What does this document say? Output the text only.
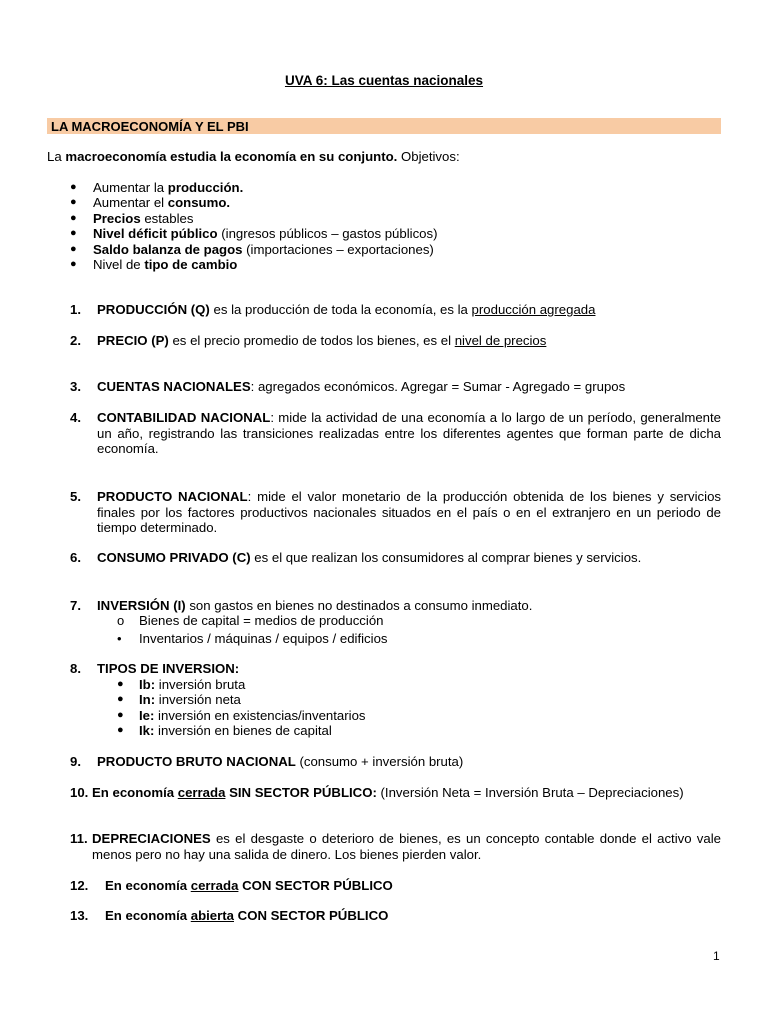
UVA 6: Las cuentas nacionales
LA MACROECONOMÍA Y EL PBI
La macroeconomía estudia la economía en su conjunto. Objetivos:
● Aumentar la producción.
● Aumentar el consumo.
● Precios estables
● Nivel déficit público (ingresos públicos – gastos públicos)
● Saldo balanza de pagos (importaciones – exportaciones)
● Nivel de tipo de cambio
1. PRODUCCIÓN (Q) es la producción de toda la economía, es la producción agregada
2. PRECIO (P) es el precio promedio de todos los bienes, es el nivel de precios
3. CUENTAS NACIONALES: agregados económicos. Agregar = Sumar - Agregado = grupos
4. CONTABILIDAD NACIONAL: mide la actividad de una economía a lo largo de un período, generalmente un año, registrando las transiciones realizadas entre los diferentes agentes que forman parte de dicha economía.
5. PRODUCTO NACIONAL: mide el valor monetario de la producción obtenida de los bienes y servicios finales por los factores productivos nacionales situados en el país o en el extranjero en un periodo de tiempo determinado.
6. CONSUMO PRIVADO (C) es el que realizan los consumidores al comprar bienes y servicios.
7. INVERSIÓN (I) son gastos en bienes no destinados a consumo inmediato.
o Bienes de capital = medios de producción
• Inventarios / máquinas / equipos / edificios
8. TIPOS DE INVERSION:
● Ib: inversión bruta
● In: inversión neta
● Ie: inversión en existencias/inventarios
● Ik: inversión en bienes de capital
9. PRODUCTO BRUTO NACIONAL (consumo + inversión bruta)
10. En economía cerrada SIN SECTOR PÚBLICO: (Inversión Neta = Inversión Bruta – Depreciaciones)
11. DEPRECIACIONES es el desgaste o deterioro de bienes, es un concepto contable donde el activo vale menos pero no hay una salida de dinero. Los bienes pierden valor.
12. En economía cerrada CON SECTOR PÚBLICO
13. En economía abierta CON SECTOR PÚBLICO
1
